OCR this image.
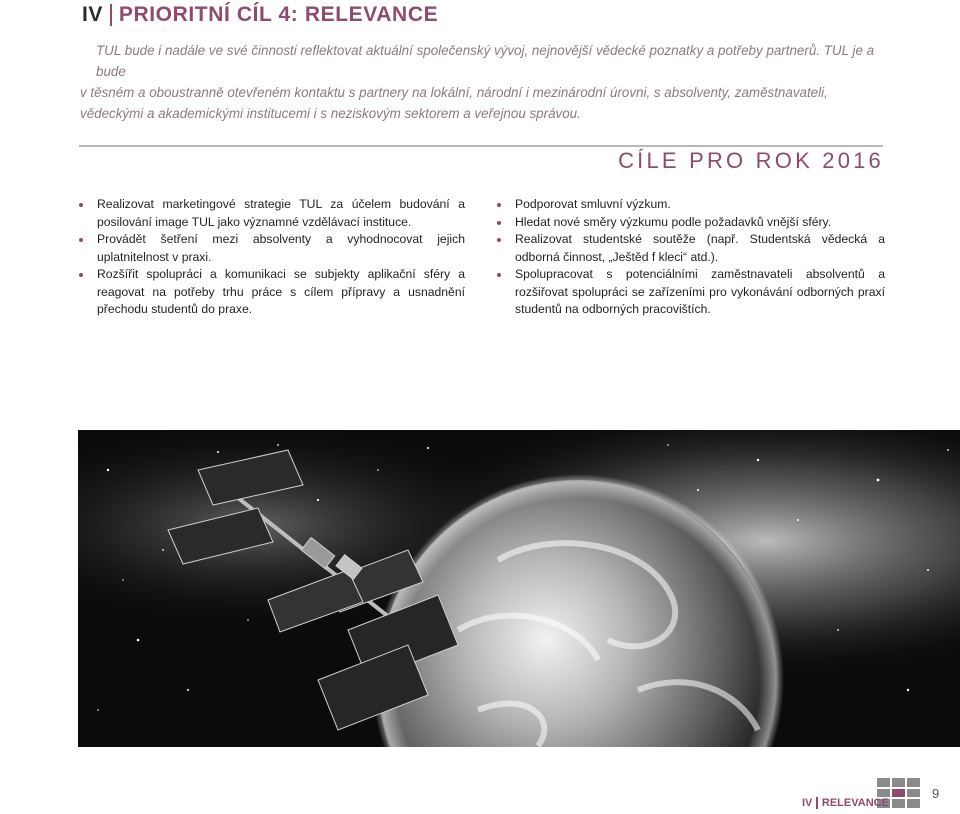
IV PRIORITNÍ CÍL 4: RELEVANCE
TUL bude i nadále ve své činnosti reflektovat aktuální společenský vývoj, nejnovější vědecké poznatky a potřeby partnerů. TUL je a bude
v těsném a oboustranně otevřeném kontaktu s partnery na lokální, národní i mezinárodní úrovni, s absolventy, zaměstnavateli, vědeckými a akademickými institucemi i s neziskovým sektorem a veřejnou správou.
CÍLE PRO ROK 2016
Realizovat marketingové strategie TUL za účelem budování a posilování image TUL jako významné vzdělávací instituce.
Provádět šetření mezi absolventy a vyhodnocovat jejich uplatnitelnost v praxi.
Rozšířit spolupráci a komunikaci se subjekty aplikační sféry a reagovat na potřeby trhu práce s cílem přípravy a usnadnění přechodu studentů do praxe.
Podporovat smluvní výzkum.
Hledat nové směry výzkumu podle požadavků vnější sféry.
Realizovat studentské soutěže (např. Studentská vědecká a odborná činnost, „Ještěd f kleci“ atd.).
Spolupracovat s potenciálními zaměstnavateli absolventů a rozšiřovat spolupráci se zařízeními pro vykonávání odborných praxí studentů na odborných pracovištích.
9
IV RELEVANCE
